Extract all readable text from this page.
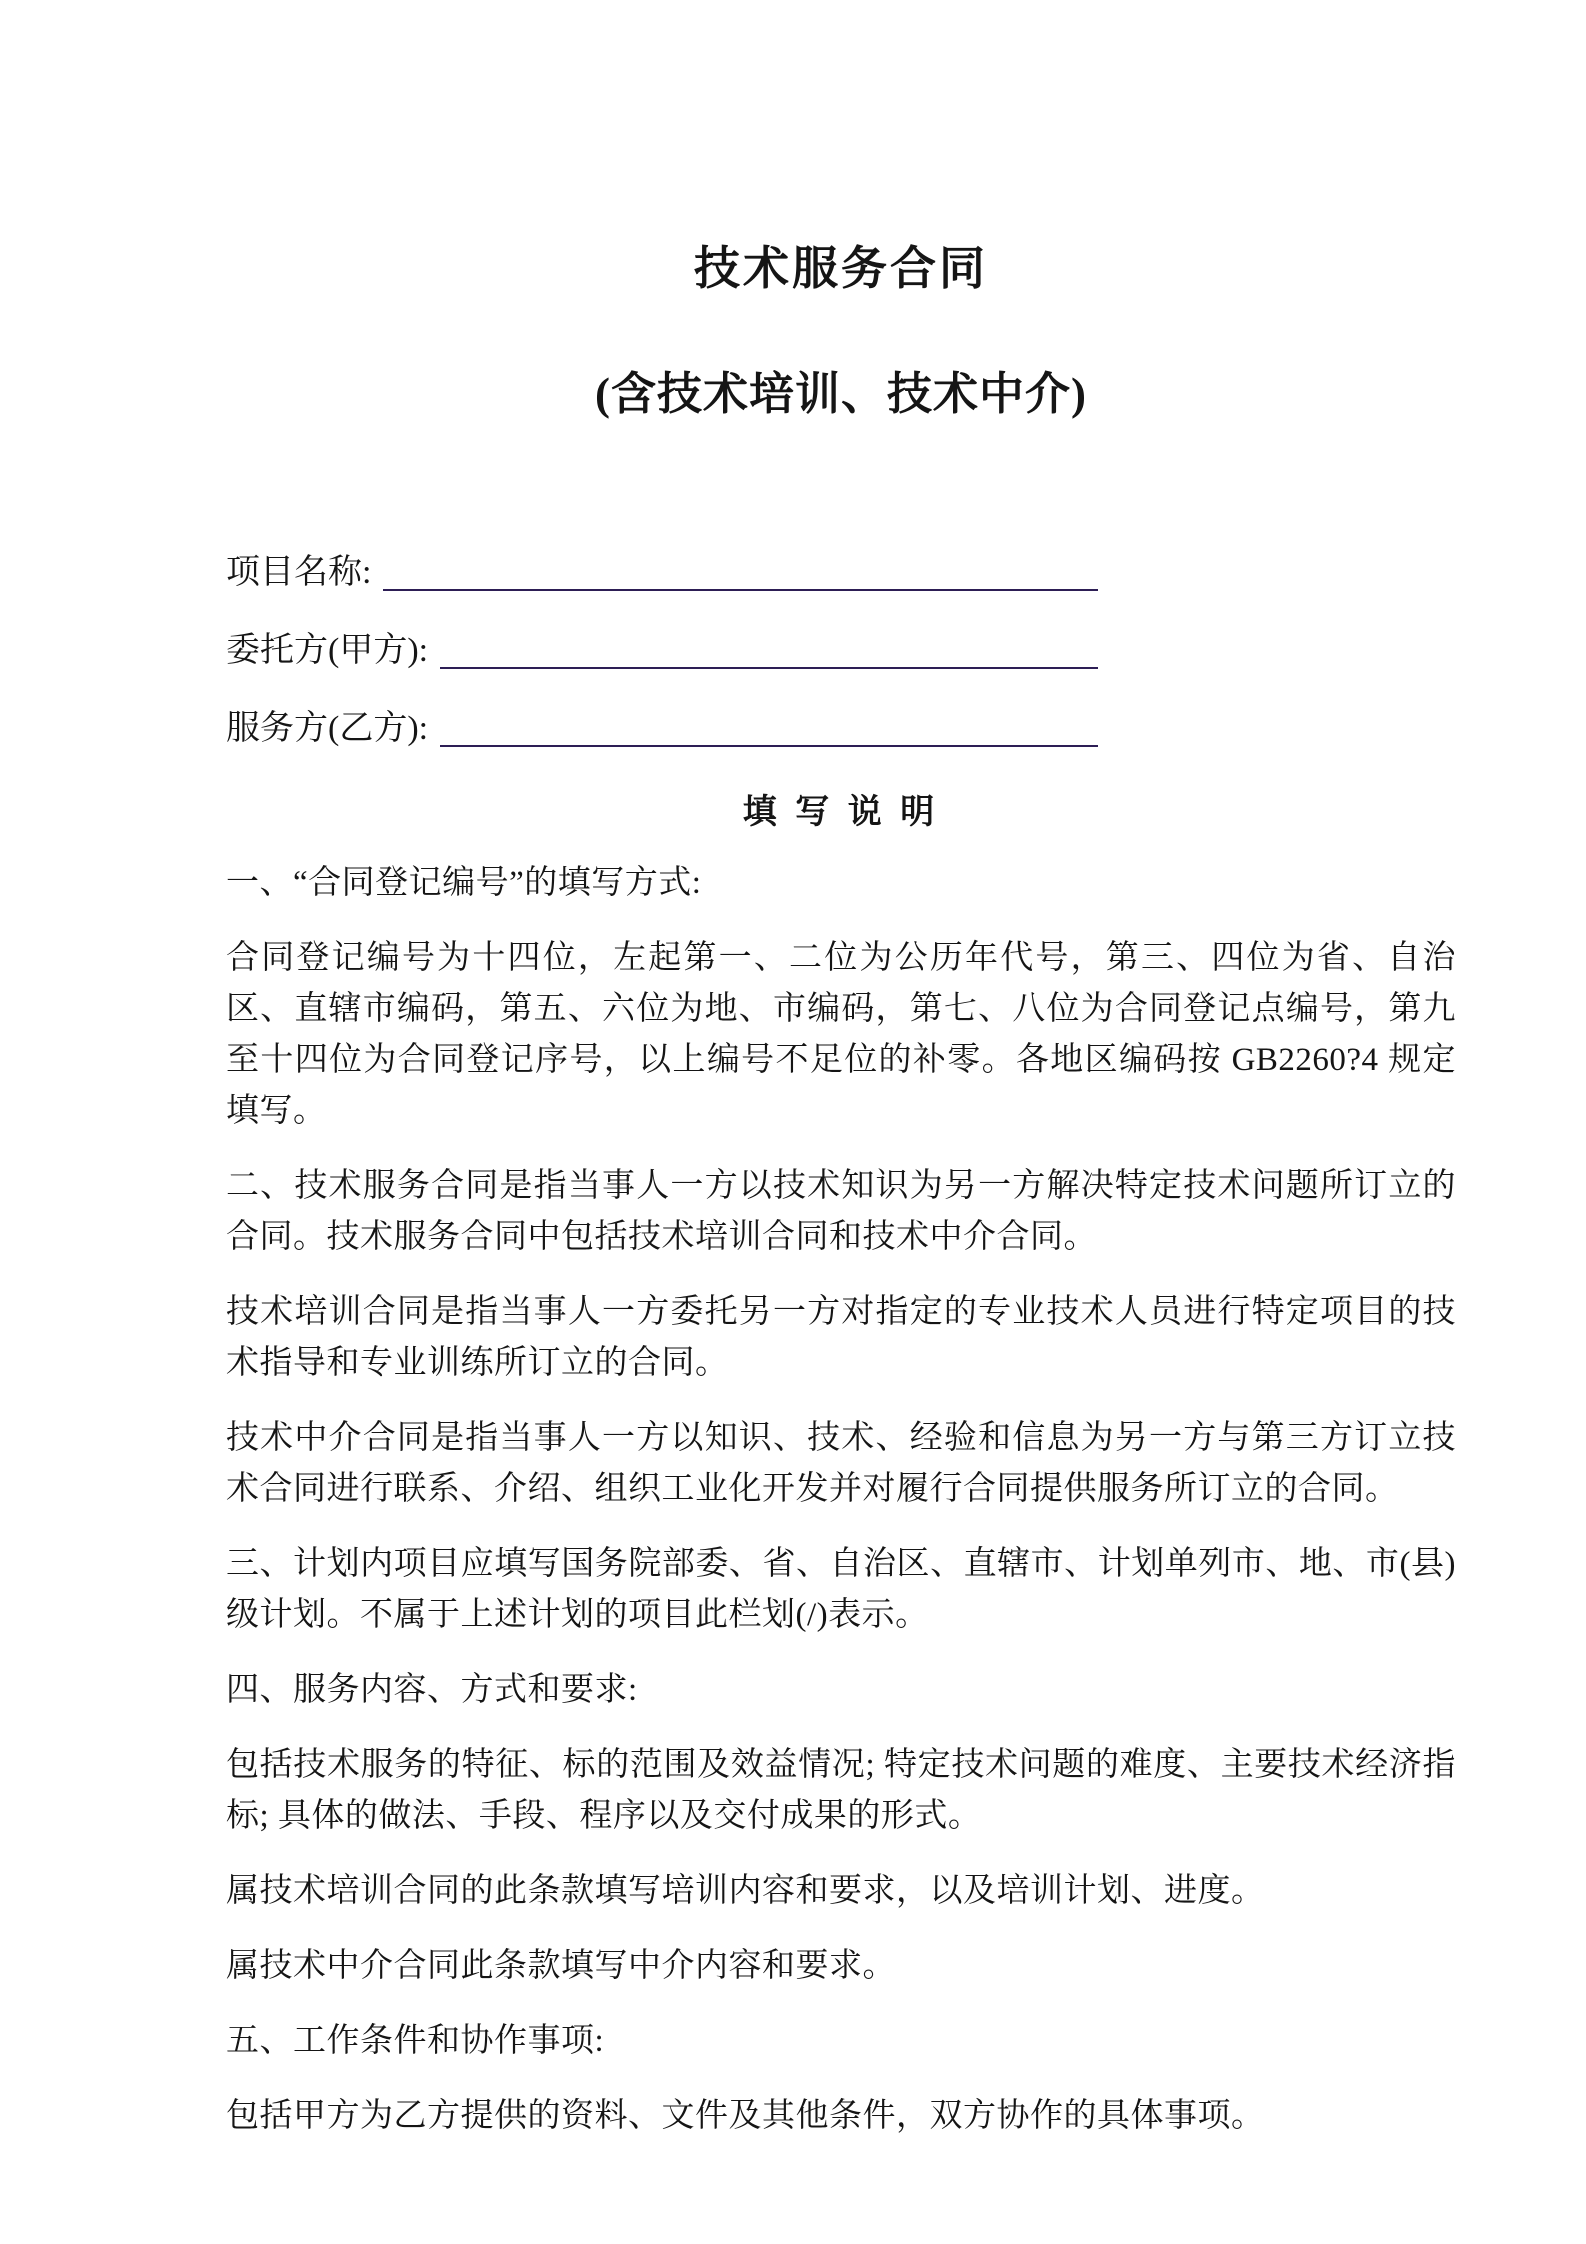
技术服务合同
(含技术培训、技术中介)
项目名称:
委托方(甲方):
服务方(乙方):
填 写 说 明

一、“合同登记编号”的填写方式:

合同登记编号为十四位，左起第一、二位为公历年代号，第三、四位为省、自治区、直辖市编码，第五、六位为地、市编码，第七、八位为合同登记点编号，第九至十四位为合同登记序号，以上编号不足位的补零。各地区编码按 GB2260?4 规定填写。

二、技术服务合同是指当事人一方以技术知识为另一方解决特定技术问题所订立的合同。技术服务合同中包括技术培训合同和技术中介合同。

技术培训合同是指当事人一方委托另一方对指定的专业技术人员进行特定项目的技术指导和专业训练所订立的合同。

技术中介合同是指当事人一方以知识、技术、经验和信息为另一方与第三方订立技术合同进行联系、介绍、组织工业化开发并对履行合同提供服务所订立的合同。

三、计划内项目应填写国务院部委、省、自治区、直辖市、计划单列市、地、市(县)级计划。不属于上述计划的项目此栏划(/)表示。

四、服务内容、方式和要求:

包括技术服务的特征、标的范围及效益情况; 特定技术问题的难度、主要技术经济指标; 具体的做法、手段、程序以及交付成果的形式。

属技术培训合同的此条款填写培训内容和要求，以及培训计划、进度。

属技术中介合同此条款填写中介内容和要求。

五、工作条件和协作事项:

包括甲方为乙方提供的资料、文件及其他条件，双方协作的具体事项。
